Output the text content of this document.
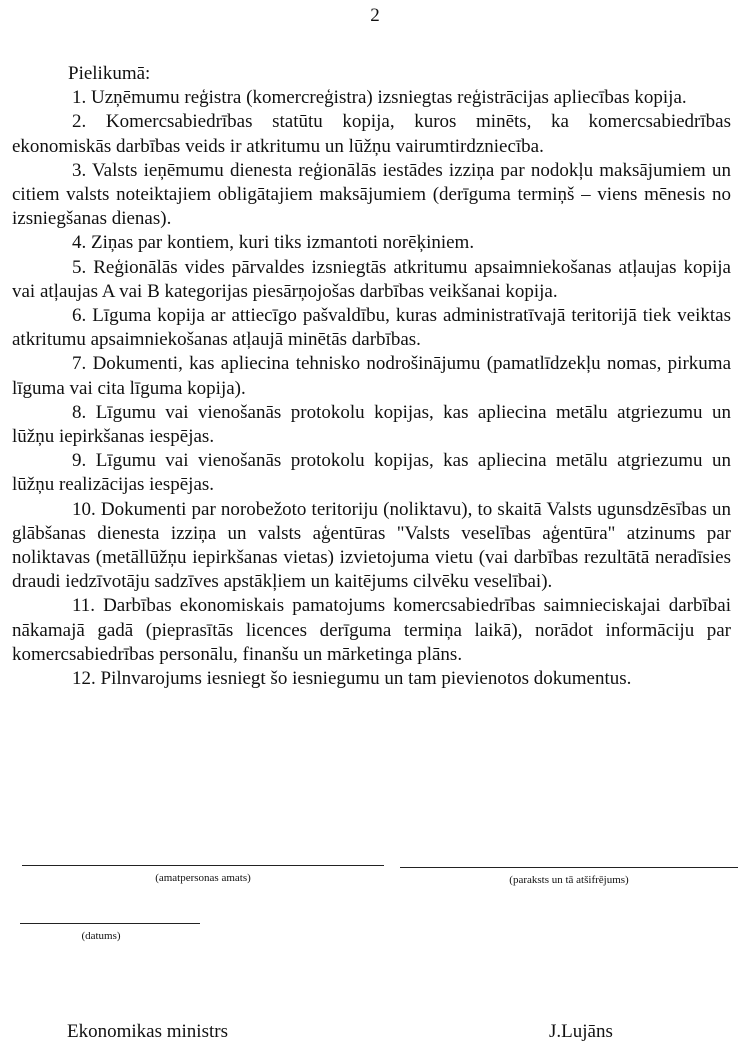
2
Pielikumā:

1. Uzņēmumu reģistra (komercreģistra) izsniegtas reģistrācijas apliecības kopija.

2. Komercsabiedrības statūtu kopija, kuros minēts, ka komercsabiedrības ekonomiskās darbības veids ir atkritumu un lūžņu vairumtirdzniecība.

3. Valsts ieņēmumu dienesta reģionālās iestādes izziņa par nodokļu maksājumiem un citiem valsts noteiktajiem obligātajiem maksājumiem (derīguma termiņš – viens mēnesis no izsniegšanas dienas).

4. Ziņas par kontiem, kuri tiks izmantoti norēķiniem.

5. Reģionālās vides pārvaldes izsniegtās atkritumu apsaimniekošanas atļaujas kopija vai atļaujas A vai B kategorijas piesārņojošas darbības veikšanai kopija.

6. Līguma kopija ar attiecīgo pašvaldību, kuras administratīvajā teritorijā tiek veiktas atkritumu apsaimniekošanas atļaujā minētās darbības.

7. Dokumenti, kas apliecina tehnisko nodrošinājumu (pamatlīdzekļu nomas, pirkuma līguma vai cita līguma kopija).

8. Līgumu vai vienošanās protokolu kopijas, kas apliecina metālu atgriezumu un lūžņu iepirkšanas iespējas.

9. Līgumu vai vienošanās protokolu kopijas, kas apliecina metālu atgriezumu un lūžņu realizācijas iespējas.

10. Dokumenti par norobežoto teritoriju (noliktavu), to skaitā Valsts ugunsdzēsības un glābšanas dienesta izziņa un valsts aģentūras "Valsts veselības aģentūra" atzinums par noliktavas (metāllūžņu iepirkšanas vietas) izvietojuma vietu (vai darbības rezultātā neradīsies draudi iedzīvotāju sadzīves apstākļiem un kaitējums cilvēku veselībai).

11. Darbības ekonomiskais pamatojums komercsabiedrības saimnieciskajai darbībai nākamajā gadā (pieprasītās licences derīguma termiņa laikā), norādot informāciju par komercsabiedrības personālu, finanšu un mārketinga plāns.

12. Pilnvarojums iesniegt šo iesniegumu un tam pievienotos dokumentus.

(amatpersonas amats)	(paraksts un tā atšifrējums)
(datums)
Ekonomikas ministrs	J.Lujāns
